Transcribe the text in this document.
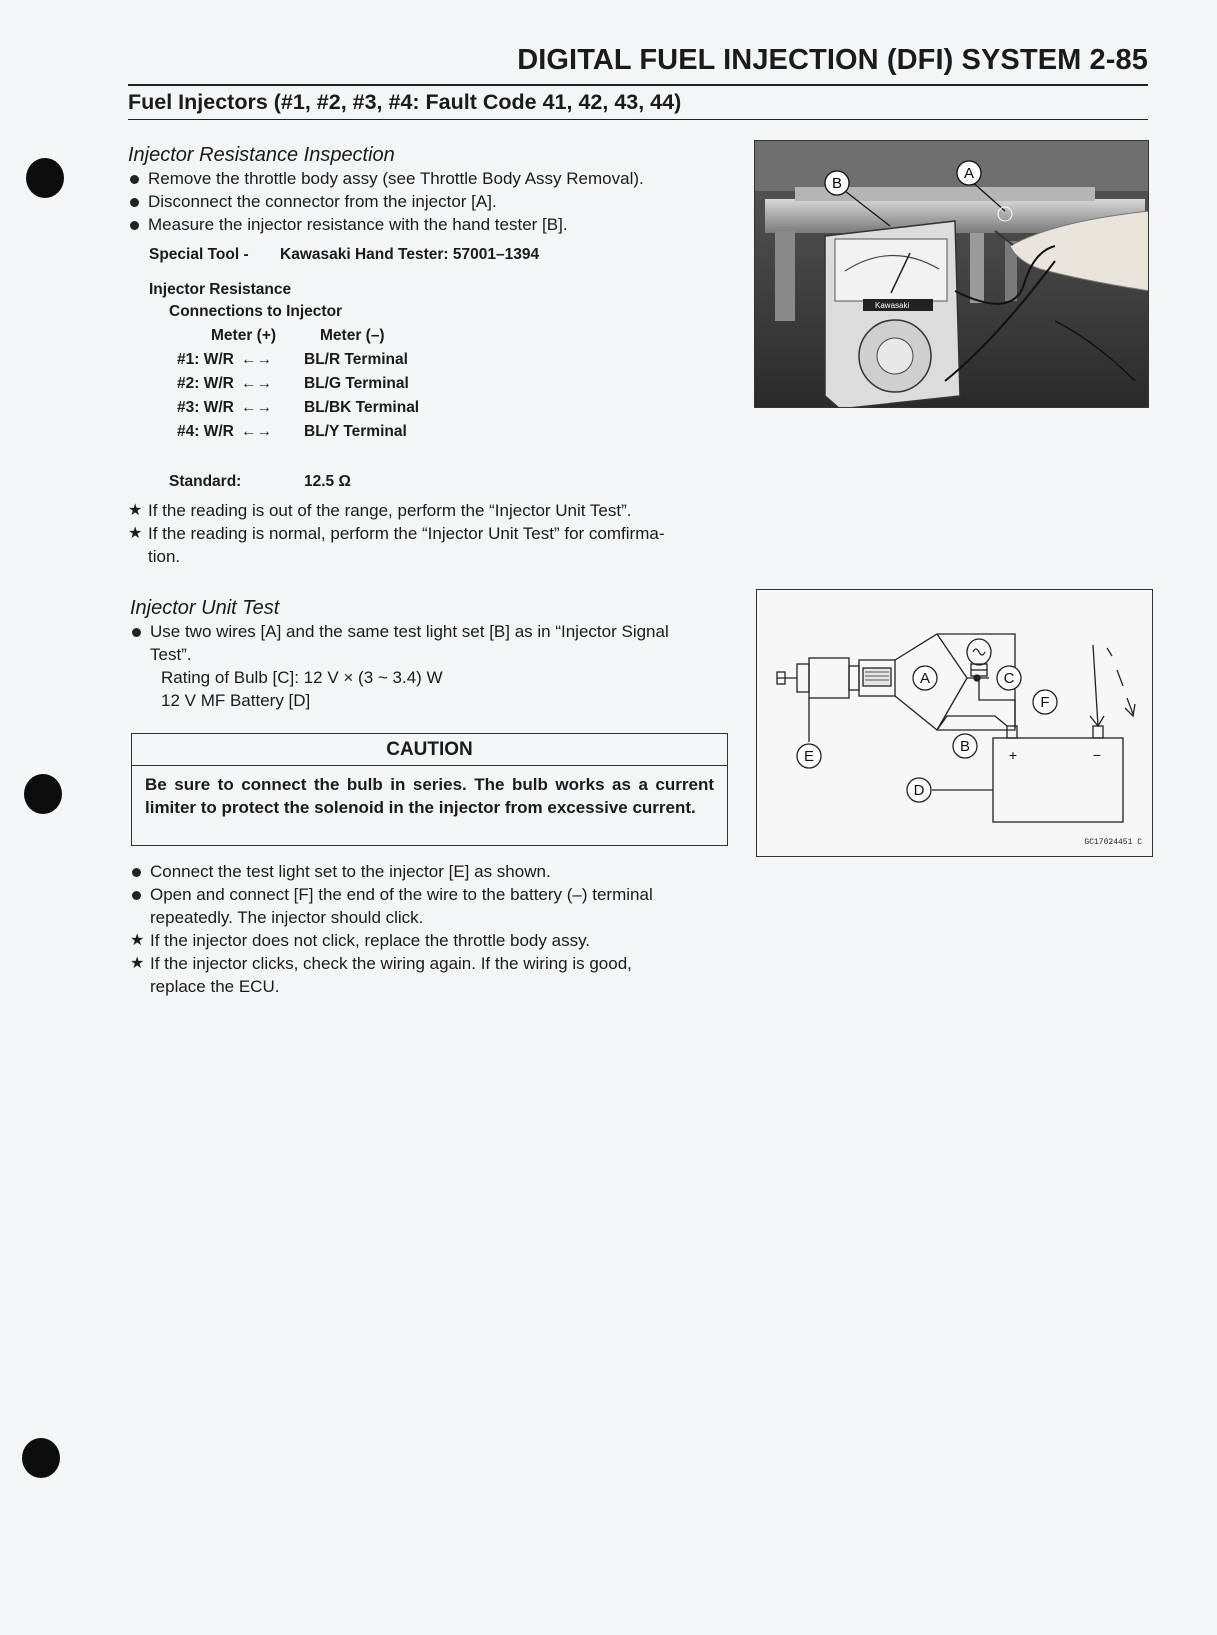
DIGITAL FUEL INJECTION (DFI) SYSTEM 2-85
Fuel Injectors (#1, #2, #3, #4: Fault Code 41, 42, 43, 44)
Injector Resistance Inspection
Remove the throttle body assy (see Throttle Body Assy Removal).
Disconnect the connector from the injector [A].
Measure the injector resistance with the hand tester [B].
Special Tool - Kawasaki Hand Tester: 57001–1394
Injector Resistance
Connections to Injector
Meter (+)	Meter (–)
#1: W/R ←→ BL/R Terminal
#2: W/R ←→ BL/G Terminal
#3: W/R ←→ BL/BK Terminal
#4: W/R ←→ BL/Y Terminal
Standard:	12.5 Ω
★ If the reading is out of the range, perform the “Injector Unit Test”.
★ If the reading is normal, perform the “Injector Unit Test” for comfirma-
tion.
Injector Unit Test
Use two wires [A] and the same test light set [B] as in “Injector Signal
Test”.
Rating of Bulb [C]: 12 V × (3 ~ 3.4) W
12 V MF Battery [D]
CAUTION
Be sure to connect the bulb in series. The bulb works as a current limiter to protect the solenoid in the injector from excessive current.
Connect the test light set to the injector [E] as shown.
Open and connect [F] the end of the wire to the battery (–) terminal
repeatedly. The injector should click.
★ If the injector does not click, replace the throttle body assy.
★ If the injector clicks, check the wiring again. If the wiring is good,
replace the ECU.
Kawasaki
B
A
A	C
B
D
E
F
+	−
GC17024451 C
